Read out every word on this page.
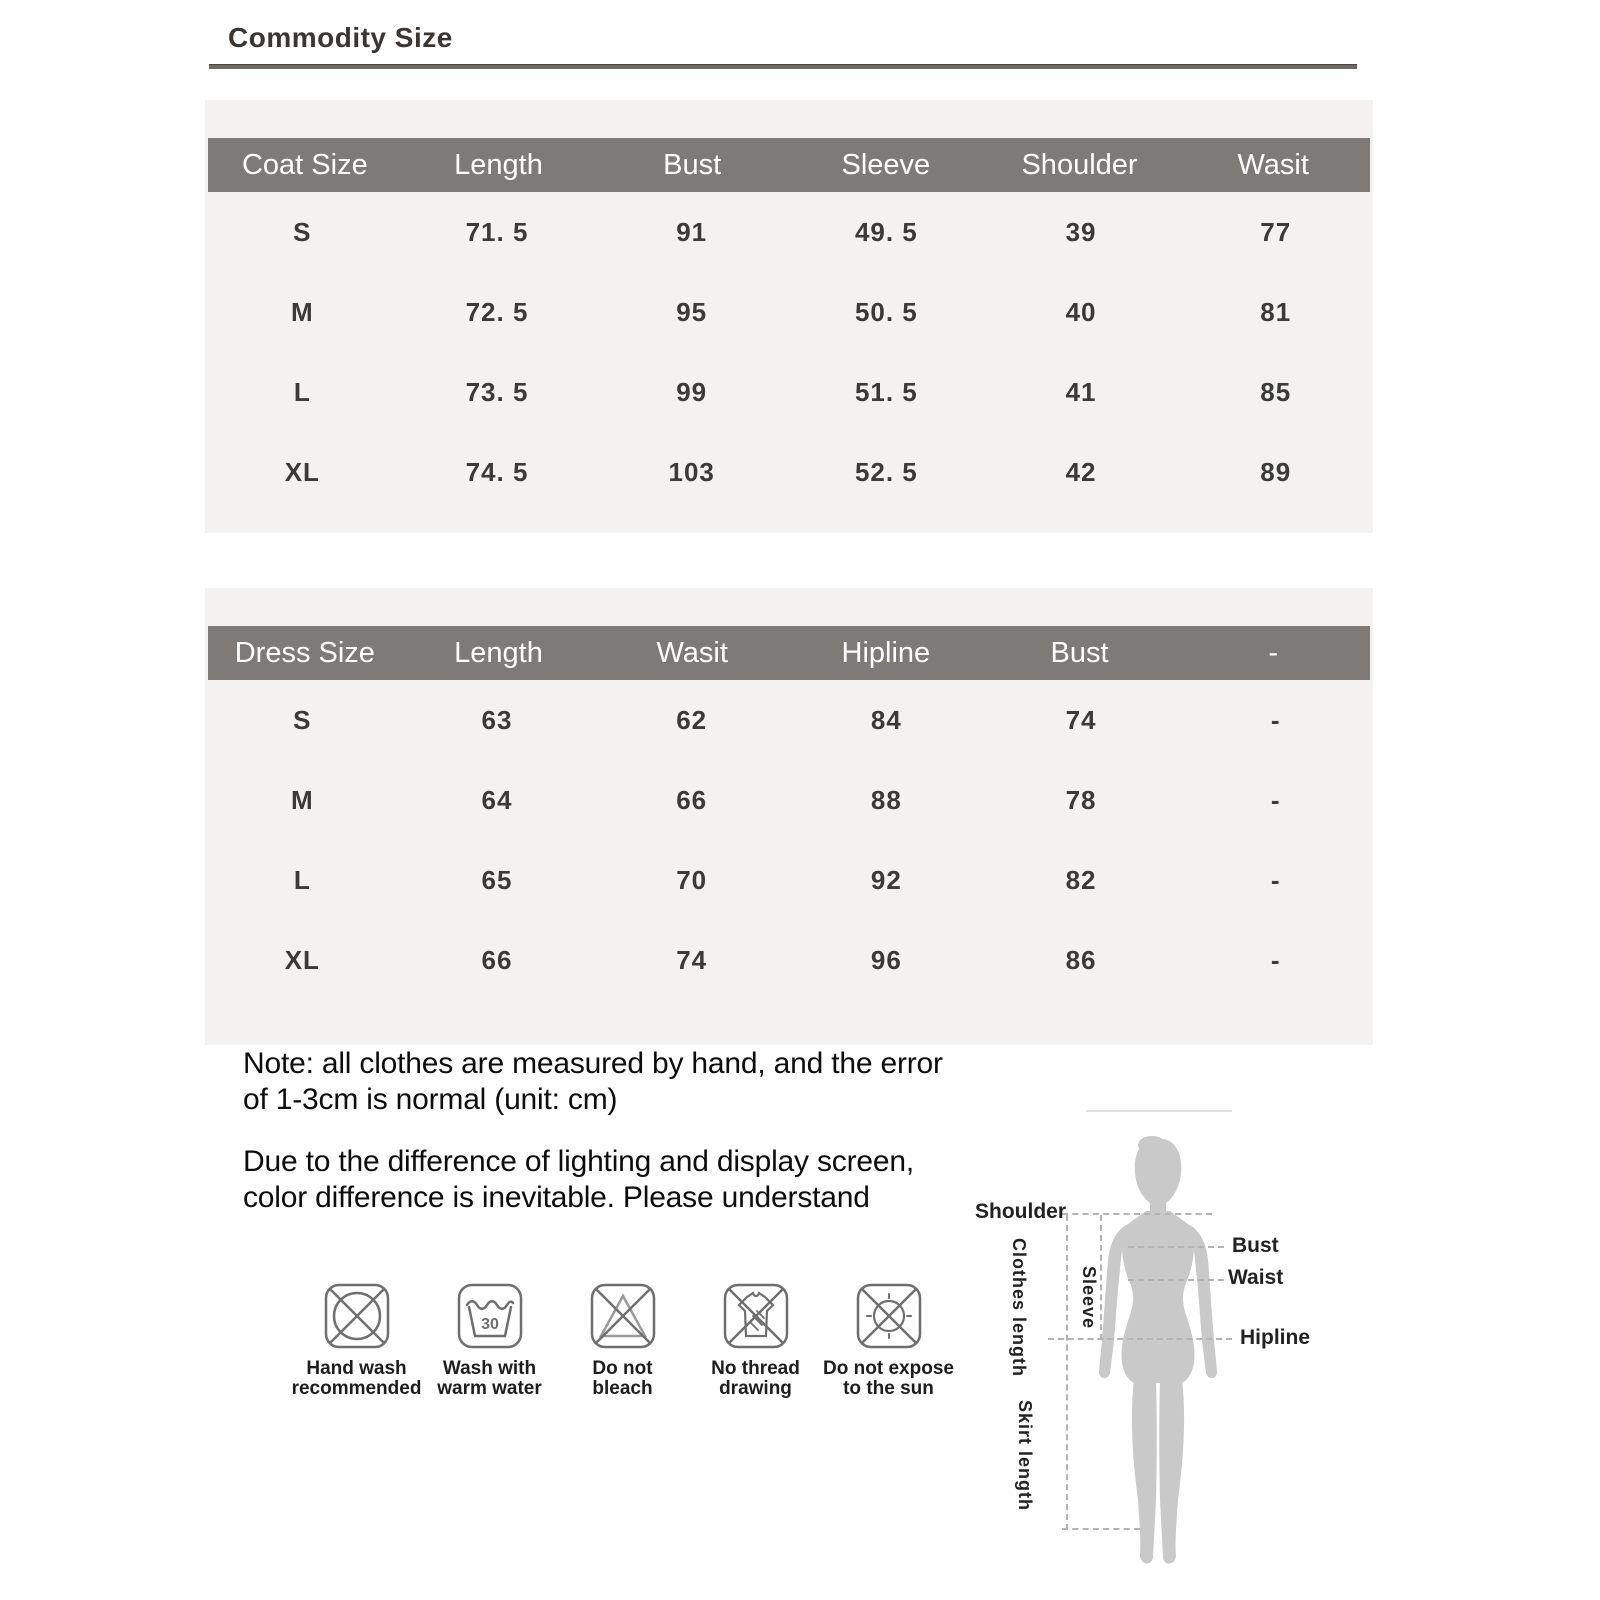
Commodity Size
Coat Size	Length	Bust	Sleeve	Shoulder	Wasit
S	71. 5	91	49. 5	39	77
M	72. 5	95	50. 5	40	81
L	73. 5	99	51. 5	41	85
XL	74. 5	103	52. 5	42	89
Dress Size	Length	Wasit	Hipline	Bust	-
S	63	62	84	74	-
M	64	66	88	78	-
L	65	70	92	82	-
XL	66	74	96	86	-

Note: all clothes are measured by hand, and the error of 1-3cm is normal (unit: cm)

Due to the difference of lighting and display screen, color difference is inevitable. Please understand

Hand wash
recommended
30
Wash with
warm water
Do not
bleach
No thread
drawing
Do not expose
to the sun
Shoulder
Clothes length	Sleeve
Bust
Waist
Hipline
Skirt length
